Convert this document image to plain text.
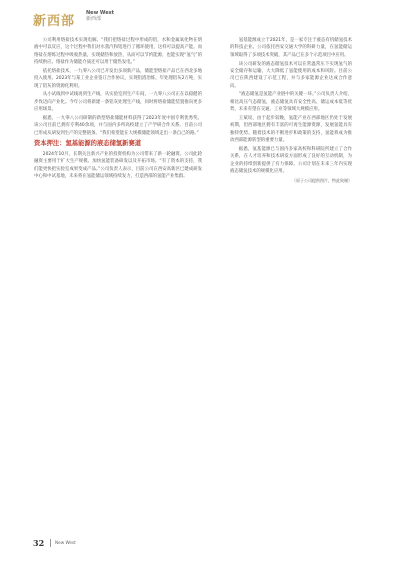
新西部
New West
新西部

公司利用熔盐技术实现电解。“我们把熔盐过程中形成的铝，水和金属氧化物在熔液中可以反应，这个过程中我们对水蒸汽和铝进行了循环使用，这样可以提高产能。而熔盐在熔炼过程中吸收热量，实现储热和放热，从而可以节约能源，也能实现“氢气”的持续供应。熔盐作为储能介质还可以用于储热发电。”

依托熔盐技术，一九零八公司已开发出多项新产品，储能型熔盐产品已在西北多地投入使用。2023年与某工业企业签订合作协议，实现铝渣冶炼，年处理铝灰2万吨，实现了铝灰的资源化利用。

从小试线到中试线再到生产线，从实验室到生产车间，一九零八公司正在以稳健的步伐迈向产业化。今年公司将新建一条铝灰处理生产线，同时将熔盐储能装置推向更多应用场景。

据悉，一九零八公司研制的新型熔盐储能材料获得了2023年度中国专利优秀奖。该公司目前已拥有专利40余项，并与国内多所高校建立了产学研合作关系。目前公司已形成从研发到生产的完整链条。“我们希望能在大规模储能领域走出一条自己的路。”

资本押注：氢基能源的液态储氢新赛道

2024年10月，长期关注新兴产业的投资机构为公司带来了新一轮融资。公司此轮融资主要用于扩大生产规模、加快氢能装备研发以及开拓市场。“有了资本的支持，我们能更快把实验室成果变成产品。”公司负责人表示，目前公司在西安高新区已建成研发中心和中试基地，未来将在氢能储运领域持续发力，打造西部的氢能产业集群。

氢基能源成立于2021年，是一家专注于液态有机储氢技术的科技企业。公司依托西安交通大学的科研力量，在氢能储运领域取得了多项技术突破，其产品已在多个示范项目中应用。

该公司研发的液态储氢技术可以在常温常压下实现氢气的安全储存和运输，大大降低了氢能使用的成本和风险。目前公司已在陕西建设了示范工程，并与多家能源企业达成合作意向。

“液态储氢是氢能产业链中的关键一环。”公司负责人介绍，相比高压气态储氢，液态储氢具有安全性高、储运成本低等优势，未来有望在交通、工业等领域大规模应用。

王斌说，由于起步较晚，氢能产业在西部地区仍处于发展初期，但西部地区拥有丰富的可再生能源资源，发展氢能具有独特优势。随着技术的不断进步和政策的支持，氢能将成为推动西部能源转型的重要力量。

据悉，氢基能源已与国内多家高校和科研院所建立了合作关系，在人才培养和技术研发方面形成了良好的互动机制，为企业的持续创新提供了有力保障。公司计划在未来三年内实现液态储氢技术的规模化应用。

（原子公司提供图片，特此致谢）
32	New West
